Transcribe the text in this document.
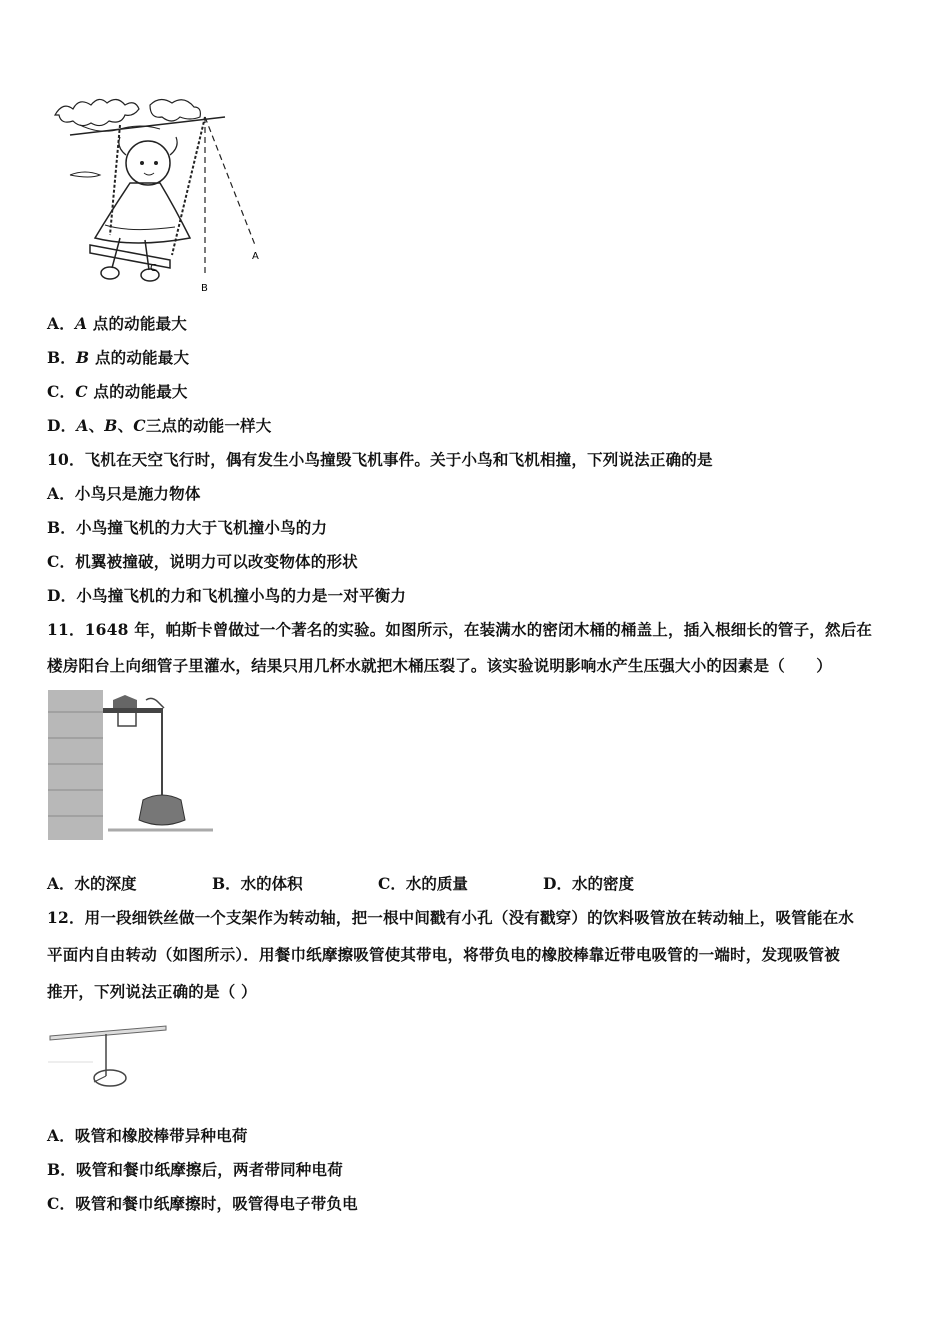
C
B
A
A．A 点的动能最大
B．B 点的动能最大
C．C 点的动能最大
D．A、B、C三点的动能一样大
10．飞机在天空飞行时，偶有发生小鸟撞毁飞机事件。关于小鸟和飞机相撞，下列说法正确的是
A．小鸟只是施力物体
B．小鸟撞飞机的力大于飞机撞小鸟的力
C．机翼被撞破，说明力可以改变物体的形状
D．小鸟撞飞机的力和飞机撞小鸟的力是一对平衡力
11．1648 年，帕斯卡曾做过一个著名的实验。如图所示，在装满水的密闭木桶的桶盖上，插入根细长的管子，然后在
楼房阳台上向细管子里灌水，结果只用几杯水就把木桶压裂了。该实验说明影响水产生压强大小的因素是（　　）
A．水的深度	B．水的体积	C．水的质量	D．水的密度
12．用一段细铁丝做一个支架作为转动轴，把一根中间戳有小孔（没有戳穿）的饮料吸管放在转动轴上，吸管能在水
平面内自由转动（如图所示）．用餐巾纸摩擦吸管使其带电，将带负电的橡胶棒靠近带电吸管的一端时，发现吸管被
推开，下列说法正确的是（ ）
A．吸管和橡胶棒带异种电荷
B．吸管和餐巾纸摩擦后，两者带同种电荷
C．吸管和餐巾纸摩擦时，吸管得电子带负电
